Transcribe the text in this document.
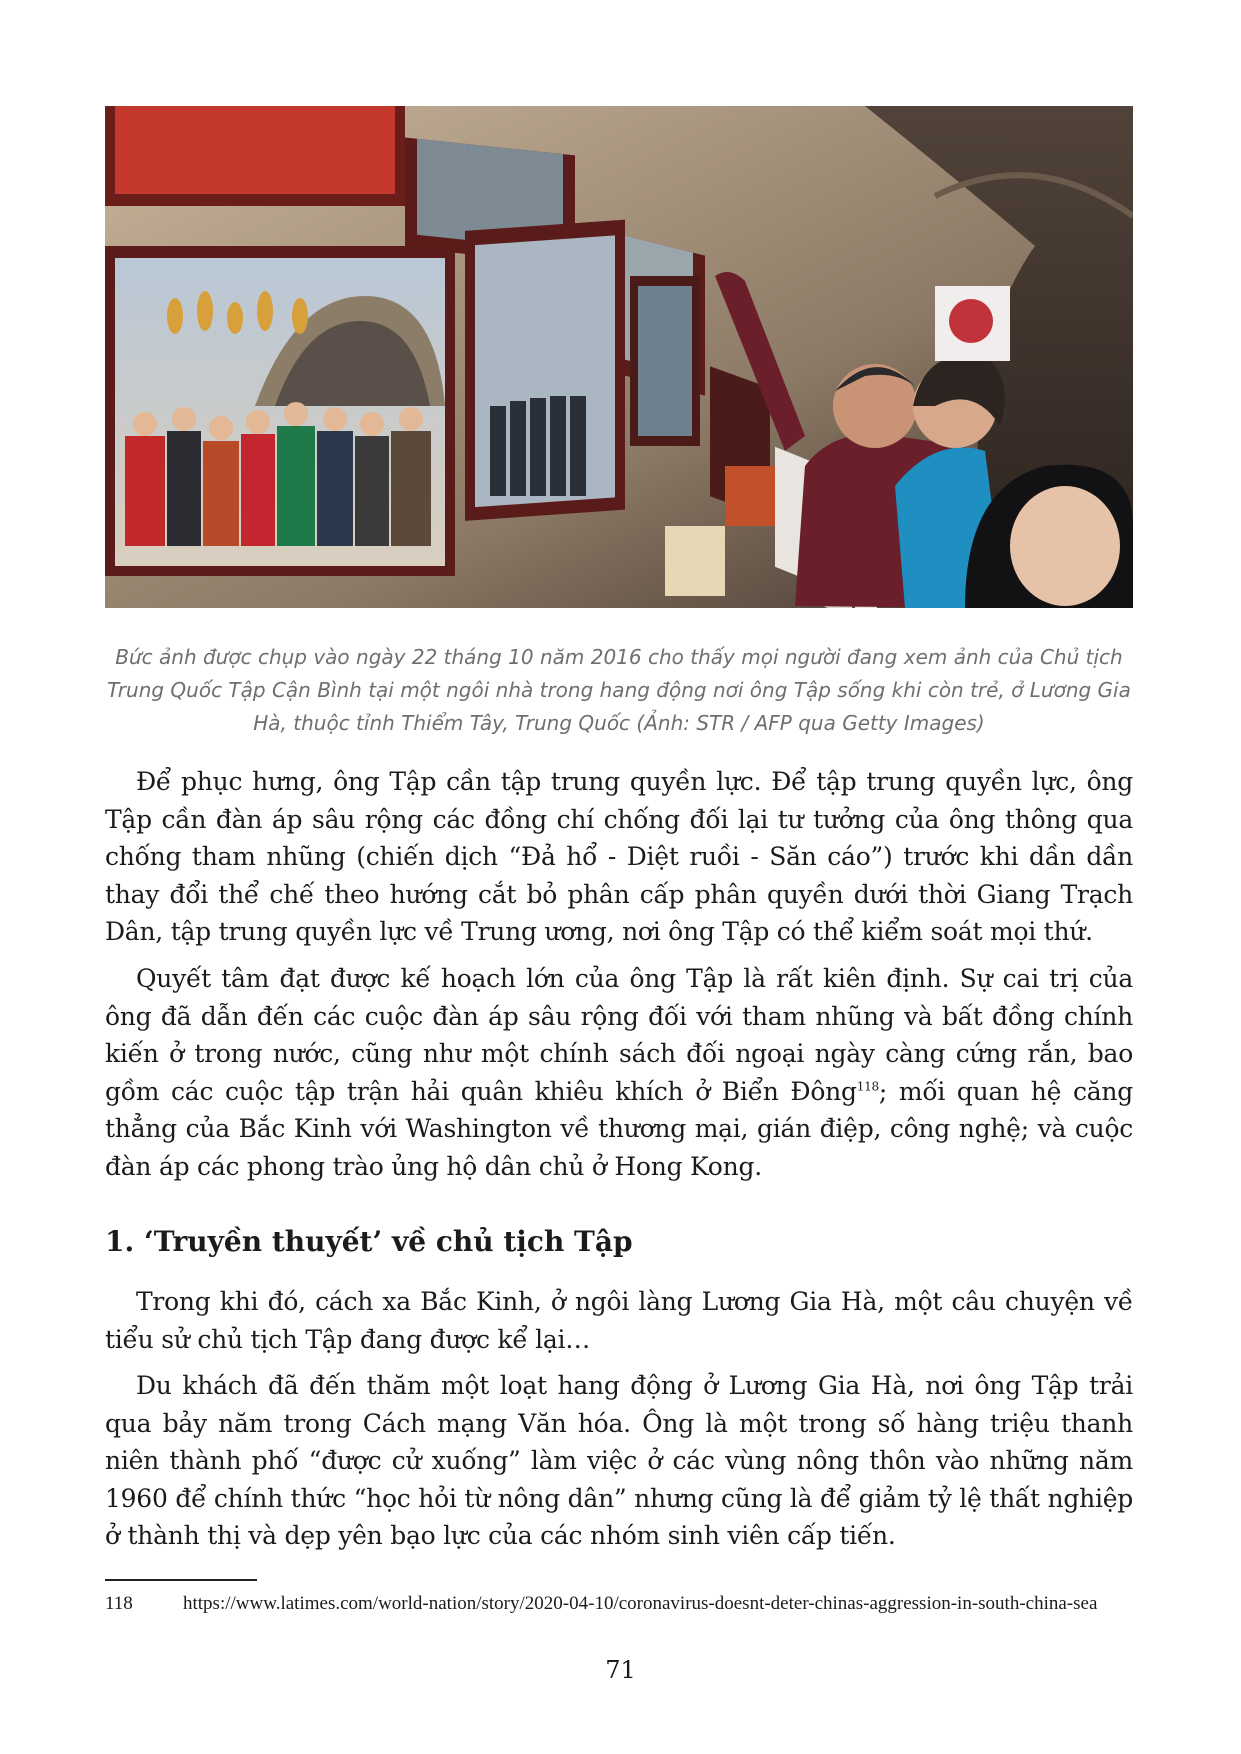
Bức ảnh được chụp vào ngày 22 tháng 10 năm 2016 cho thấy mọi người đang xem ảnh của Chủ tịch Trung Quốc Tập Cận Bình tại một ngôi nhà trong hang động nơi ông Tập sống khi còn trẻ, ở Lương Gia Hà, thuộc tỉnh Thiểm Tây, Trung Quốc (Ảnh: STR / AFP qua Getty Images)

Để phục hưng, ông Tập cần tập trung quyền lực. Để tập trung quyền lực, ông Tập cần đàn áp sâu rộng các đồng chí chống đối lại tư tưởng của ông thông qua chống tham nhũng (chiến dịch “Đả hổ - Diệt ruồi - Săn cáo”) trước khi dần dần thay đổi thể chế theo hướng cắt bỏ phân cấp phân quyền dưới thời Giang Trạch Dân, tập trung quyền lực về Trung ương, nơi ông Tập có thể kiểm soát mọi thứ.

Quyết tâm đạt được kế hoạch lớn của ông Tập là rất kiên định. Sự cai trị của ông đã dẫn đến các cuộc đàn áp sâu rộng đối với tham nhũng và bất đồng chính kiến ở trong nước, cũng như một chính sách đối ngoại ngày càng cứng rắn, bao gồm các cuộc tập trận hải quân khiêu khích ở Biển Đông$^{118}$; mối quan hệ căng thẳng của Bắc Kinh với Washington về thương mại, gián điệp, công nghệ; và cuộc đàn áp các phong trào ủng hộ dân chủ ở Hong Kong.

1. ‘Truyền thuyết’ về chủ tịch Tập

Trong khi đó, cách xa Bắc Kinh, ở ngôi làng Lương Gia Hà, một câu chuyện về tiểu sử chủ tịch Tập đang được kể lại…

Du khách đã đến thăm một loạt hang động ở Lương Gia Hà, nơi ông Tập trải qua bảy năm trong Cách mạng Văn hóa. Ông là một trong số hàng triệu thanh niên thành phố “được cử xuống” làm việc ở các vùng nông thôn vào những năm 1960 để chính thức “học hỏi từ nông dân” nhưng cũng là để giảm tỷ lệ thất nghiệp ở thành thị và dẹp yên bạo lực của các nhóm sinh viên cấp tiến.

118	https://www.latimes.com/world-nation/story/2020-04-10/coronavirus-doesnt-deter-chinas-aggression-in-south-china-sea
71
